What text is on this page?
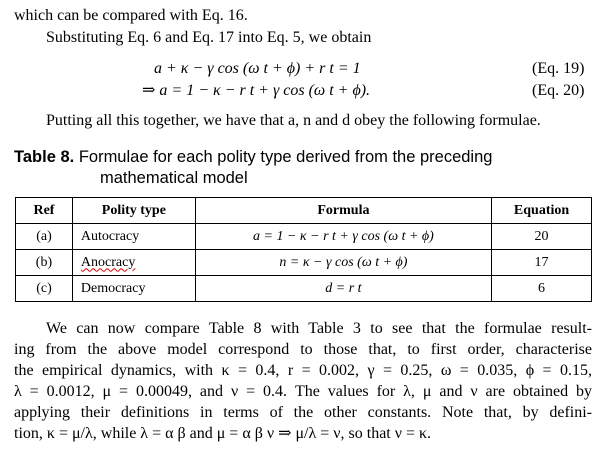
which can be compared with Eq. 16.
Substituting Eq. 6 and Eq. 17 into Eq. 5, we obtain
a + κ − γ cos (ω t + ϕ) + r t = 1	(Eq. 19)
⇒ a = 1 − κ − r t + γ cos (ω t + ϕ).	(Eq. 20)
Putting all this together, we have that a, n and d obey the following formulae.
Table 8. Formulae for each polity type derived from the preceding
mathematical model
Ref	Polity type	Formula	Equation
(a)	Autocracy	a = 1 − κ − r t + γ cos (ω t + ϕ)	20
(b)	Anocracy	n = κ − γ cos (ω t + ϕ)	17
(c)	Democracy	d = r t	6
We can now compare Table 8 with Table 3 to see that the formulae result-
ing from the above model correspond to those that, to first order, characterise
the empirical dynamics, with κ = 0.4, r = 0.002, γ = 0.25, ω = 0.035, ϕ = 0.15,
λ = 0.0012, μ = 0.00049, and ν = 0.4. The values for λ, μ and ν are obtained by
applying their definitions in terms of the other constants. Note that, by defini-
tion, κ = μ/λ, while λ = α β and μ = α β ν ⇒ μ/λ = ν, so that ν = κ.
